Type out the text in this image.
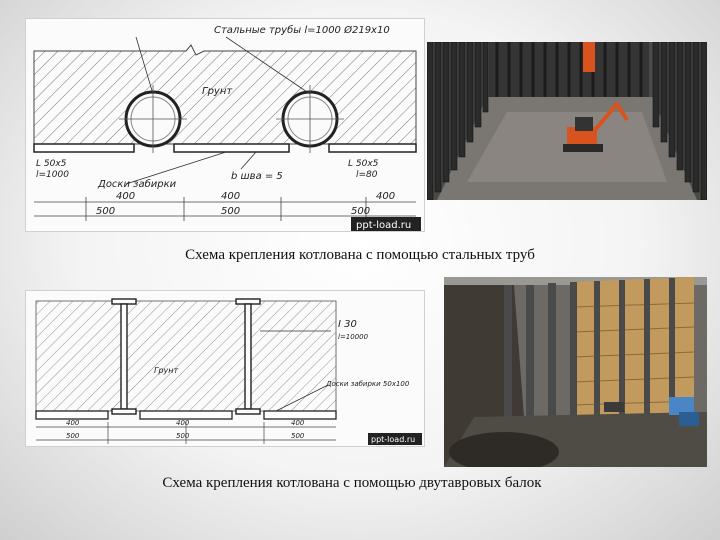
Стальные трубы l=1000 Ø219x10
Грунт
L 50x5
l=1000
Доски забирки
b шва = 5
L 50x5
l=80
400	400	400
500	500	500
ppt-load.ru
Схема крепления котлована с помощью стальных труб
Грунт
I 30
l=10000
Доски забирки 50х100
400	400	400
500	500	500	ppt-load.ru
Схема крепления котлована с помощью двутавровых балок
